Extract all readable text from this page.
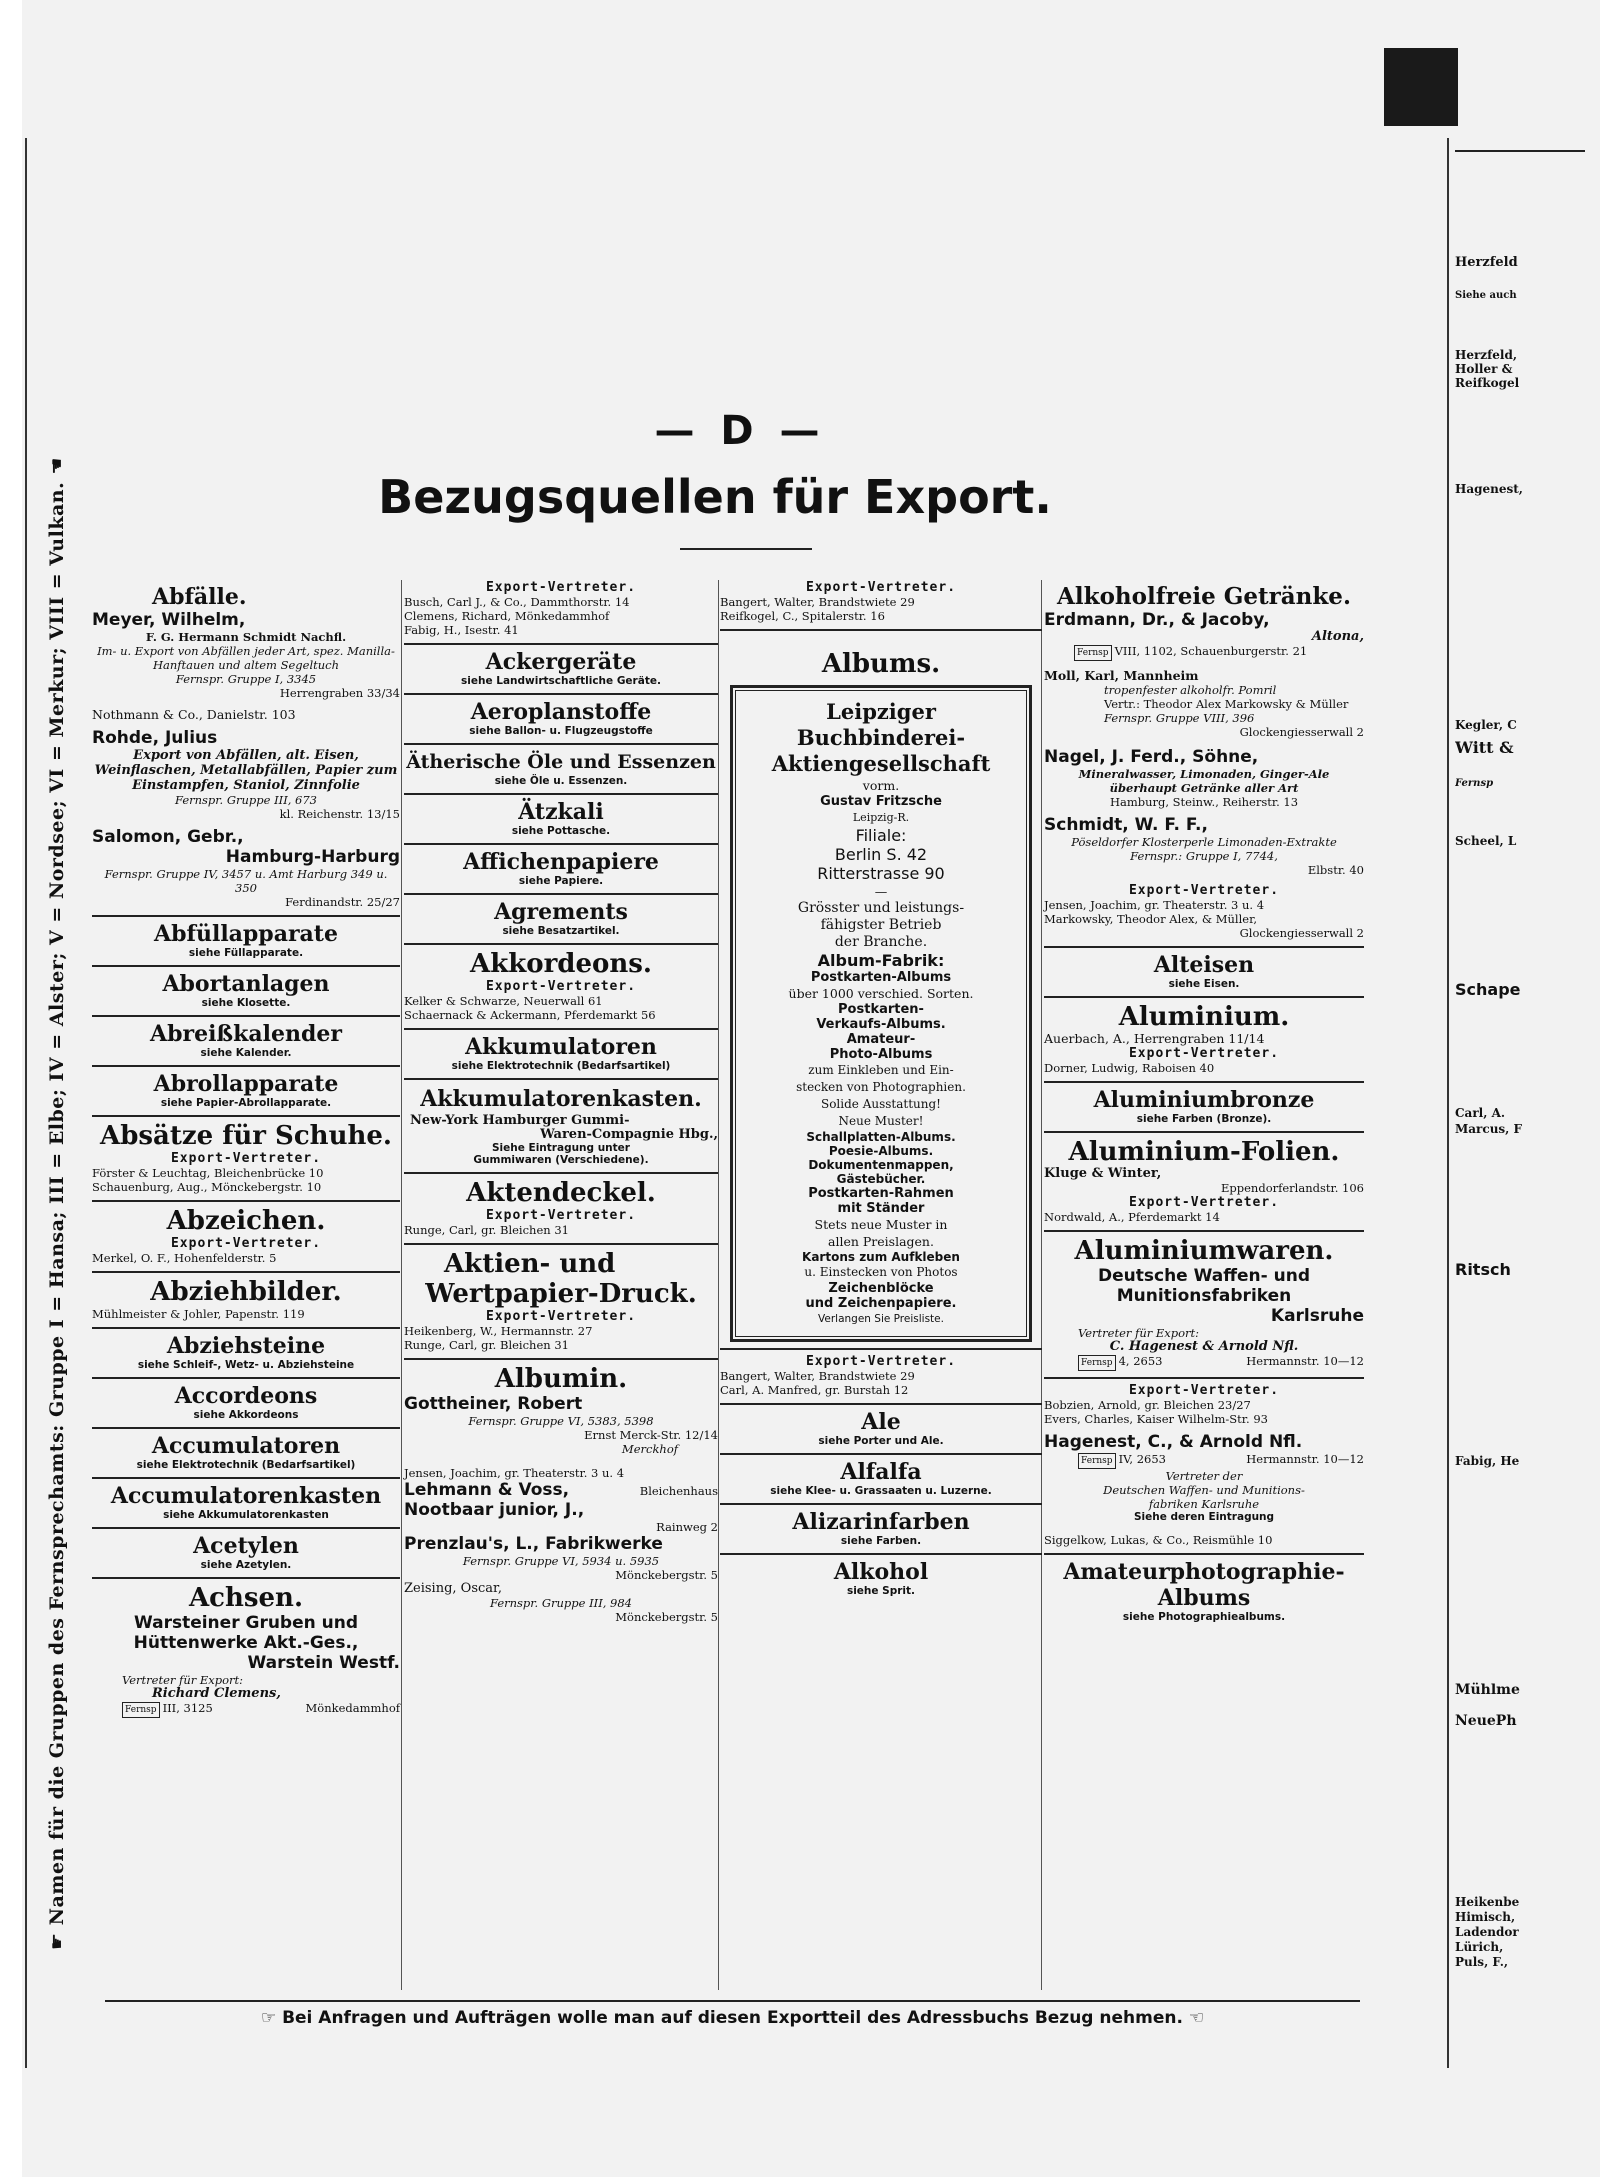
☛ Namen für die Gruppen des Fernsprechamts: Gruppe I = Hansa; III = Elbe; IV = Alster; V = Nordsee; VI = Merkur; VIII = Vulkan. ☚
— D —
Bezugsquellen für Export.
Abfälle.
Meyer, Wilhelm,
F. G. Hermann Schmidt Nachfl.
Im- u. Export von Abfällen jeder Art, spez. Manilla-Hanftauen und altem Segeltuch
Fernspr. Gruppe I, 3345
Herrengraben 33/34
Nothmann & Co., Danielstr. 103
Rohde, Julius
Export von Abfällen, alt. Eisen, Weinflaschen, Metallabfällen, Papier zum Einstampfen, Staniol, Zinnfolie
Fernspr. Gruppe III, 673
kl. Reichenstr. 13/15
Salomon, Gebr.,
Hamburg-Harburg
Fernspr. Gruppe IV, 3457 u. Amt Harburg 349 u. 350
Ferdinandstr. 25/27
Abfüllapparate
siehe Füllapparate.
Abortanlagen
siehe Klosette.
Abreißkalender
siehe Kalender.
Abrollapparate
siehe Papier-Abrollapparate.
Absätze für Schuhe.
Export-Vertreter.
Förster & Leuchtag, Bleichenbrücke 10
Schauenburg, Aug., Mönckebergstr. 10
Abzeichen.
Export-Vertreter.
Merkel, O. F., Hohenfelderstr. 5
Abziehbilder.
Mühlmeister & Johler, Papenstr. 119
Abziehsteine
siehe Schleif-, Wetz- u. Abziehsteine
Accordeons
siehe Akkordeons
Accumulatoren
siehe Elektrotechnik (Bedarfsartikel)
Accumulatorenkasten
siehe Akkumulatorenkasten
Acetylen
siehe Azetylen.
Achsen.
Warsteiner Gruben und
Hüttenwerke Akt.-Ges.,
Warstein Westf.
Vertreter für Export:
Richard Clemens,
Fernsp III, 3125	Mönkedammhof
Export-Vertreter.
Busch, Carl J., & Co., Dammthorstr. 14
Clemens, Richard, Mönkedammhof
Fabig, H., Isestr. 41
Ackergeräte
siehe Landwirtschaftliche Geräte.
Aeroplanstoffe
siehe Ballon- u. Flugzeugstoffe
Ätherische Öle und Essenzen
siehe Öle u. Essenzen.
Ätzkali
siehe Pottasche.
Affichenpapiere
siehe Papiere.
Agrements
siehe Besatzartikel.
Akkordeons.
Export-Vertreter.
Kelker & Schwarze, Neuerwall 61
Schaernack & Ackermann, Pferdemarkt 56
Akkumulatoren
siehe Elektrotechnik (Bedarfsartikel)
Akkumulatorenkasten.
New-York Hamburger Gummi-
Waren-Compagnie Hbg.,
Siehe Eintragung unter
Gummiwaren (Verschiedene).
Aktendeckel.
Export-Vertreter.
Runge, Carl, gr. Bleichen 31
Aktien- und
Wertpapier-Druck.
Export-Vertreter.
Heikenberg, W., Hermannstr. 27
Runge, Carl, gr. Bleichen 31
Albumin.
Gottheiner, Robert
Fernspr. Gruppe VI, 5383, 5398
Ernst Merck-Str. 12/14
Merckhof
Jensen, Joachim, gr. Theaterstr. 3 u. 4
Lehmann & Voss,	Bleichenhaus
Nootbaar junior, J.,
Rainweg 2
Prenzlau's, L., Fabrikwerke
Fernspr. Gruppe VI, 5934 u. 5935
Mönckebergstr. 5
Zeising, Oscar,
Fernspr. Gruppe III, 984
Mönckebergstr. 5
Export-Vertreter.
Bangert, Walter, Brandstwiete 29
Reifkogel, C., Spitalerstr. 16
Albums.
Leipziger Buchbinderei-
Aktiengesellschaft
vorm.
Gustav Fritzsche
Leipzig-R.
Filiale:
Berlin S. 42
Ritterstrasse 90
—
Grösster und leistungs-
fähigster Betrieb
der Branche.
Album-Fabrik:
Postkarten-Albums
über 1000 verschied. Sorten.
Postkarten-
Verkaufs-Albums.
Amateur-
Photo-Albums
zum Einkleben und Ein-
stecken von Photographien.
Solide Ausstattung!
Neue Muster!
Schallplatten-Albums.
Poesie-Albums.
Dokumentenmappen,
Gästebücher.
Postkarten-Rahmen
mit Ständer
Stets neue Muster in
allen Preislagen.
Kartons zum Aufkleben
u. Einstecken von Photos
Zeichenblöcke
und Zeichenpapiere.
Verlangen Sie Preisliste.
Export-Vertreter.
Bangert, Walter, Brandstwiete 29
Carl, A. Manfred, gr. Burstah 12
Ale
siehe Porter und Ale.
Alfalfa
siehe Klee- u. Grassaaten u. Luzerne.
Alizarinfarben
siehe Farben.
Alkohol
siehe Sprit.
Alkoholfreie Getränke.
Erdmann, Dr., & Jacoby,
Altona,
Fernsp VIII, 1102, Schauenburgerstr. 21
Moll, Karl, Mannheim
tropenfester alkoholfr. Pomril
Vertr.: Theodor Alex Markowsky & Müller
Fernspr. Gruppe VIII, 396
Glockengiesserwall 2
Nagel, J. Ferd., Söhne,
Mineralwasser, Limonaden, Ginger-Ale überhaupt Getränke aller Art
Hamburg, Steinw., Reiherstr. 13
Schmidt, W. F. F.,
Pöseldorfer Klosterperle Limonaden-Extrakte
Fernspr.: Gruppe I, 7744,
Elbstr. 40
Export-Vertreter.
Jensen, Joachim, gr. Theaterstr. 3 u. 4
Markowsky, Theodor Alex, & Müller,
Glockengiesserwall 2
Alteisen
siehe Eisen.
Aluminium.
Auerbach, A., Herrengraben 11/14
Export-Vertreter.
Dorner, Ludwig, Raboisen 40
Aluminiumbronze
siehe Farben (Bronze).
Aluminium-Folien.
Kluge & Winter,
Eppendorferlandstr. 106
Export-Vertreter.
Nordwald, A., Pferdemarkt 14
Aluminiumwaren.
Deutsche Waffen- und
Munitionsfabriken
Karlsruhe
Vertreter für Export:
C. Hagenest & Arnold Nfl.
Fernsp 4, 2653	Hermannstr. 10—12
Export-Vertreter.
Bobzien, Arnold, gr. Bleichen 23/27
Evers, Charles, Kaiser Wilhelm-Str. 93
Hagenest, C., & Arnold Nfl.
Fernsp IV, 2653	Hermannstr. 10—12
Vertreter der
Deutschen Waffen- und Munitions-
fabriken Karlsruhe
Siehe deren Eintragung
Siggelkow, Lukas, & Co., Reismühle 10
Amateurphotographie-
Albums
siehe Photographiealbums.
☞ Bei Anfragen und Aufträgen wolle man auf diesen Exportteil des Adressbuchs Bezug nehmen. ☜
Herzfeld
Siehe auch
Herzfeld,
Holler &
Reifkogel
Hagenest,
Kegler, C
Witt &
Fernsp
Scheel, L
Schape
Carl, A.
Marcus, F
Ritsch
Fabig, He
Mühlme
NeuePh
Heikenbe
Himisch,
Ladendor
Lürich,
Puls, F.,
